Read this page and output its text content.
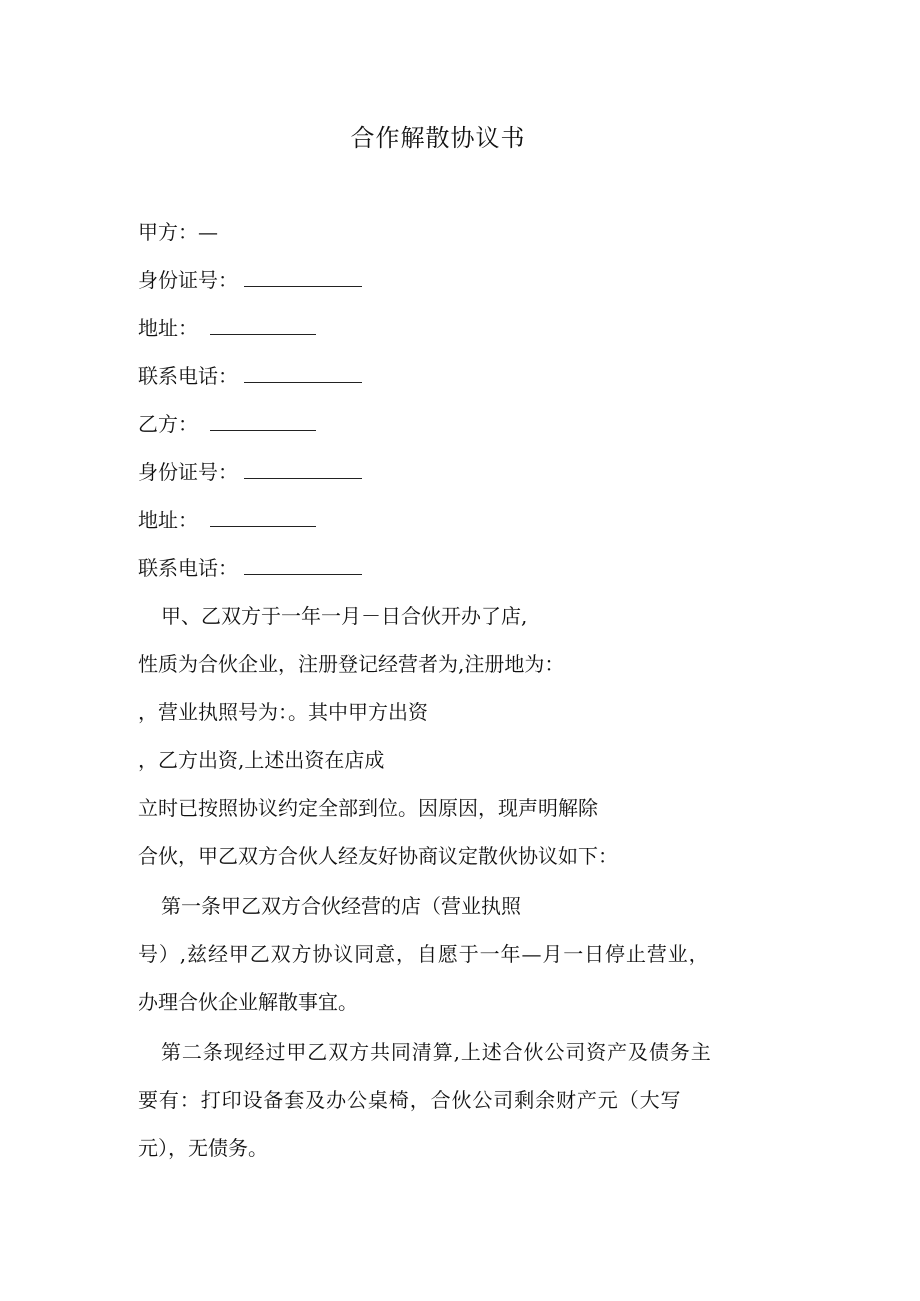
合作解散协议书
甲方：—
身份证号：
地址：
联系电话：
乙方：
身份证号：
地址：
联系电话：
甲、乙双方于一年一月－日合伙开办了店,
性质为合伙企业，注册登记经营者为,注册地为：
，营业执照号为：。其中甲方出资
，乙方出资,上述出资在店成
立时已按照协议约定全部到位。因原因，现声明解除
合伙，甲乙双方合伙人经友好协商议定散伙协议如下：
第一条甲乙双方合伙经营的店（营业执照
号）,兹经甲乙双方协议同意，自愿于一年—月一日停止营业，
办理合伙企业解散事宜。
第二条现经过甲乙双方共同清算,上述合伙公司资产及债务主
要有：打印设备套及办公桌椅，合伙公司剩余财产元（大写
元），无债务。
